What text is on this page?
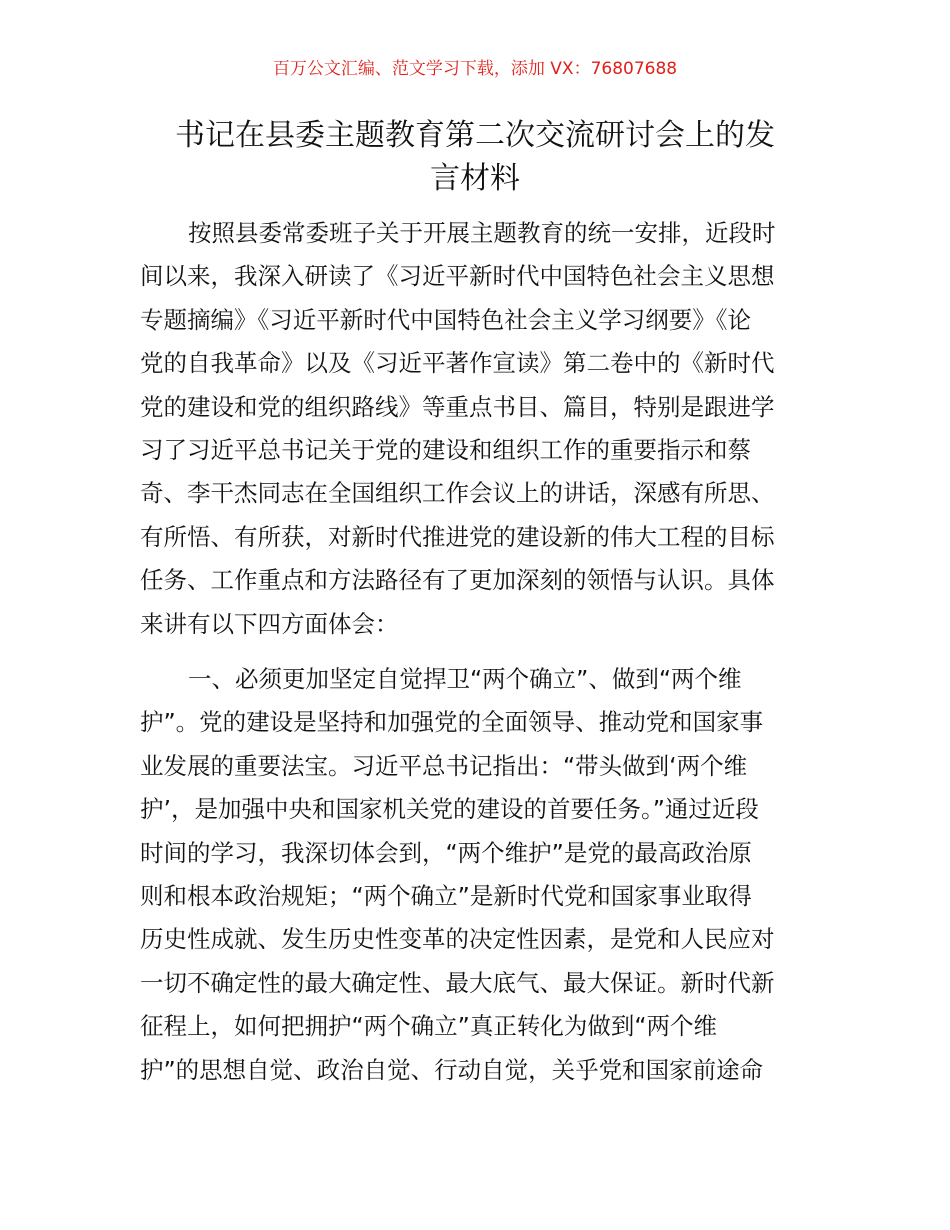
百万公文汇编、范文学习下载，添加 VX：76807688
书记在县委主题教育第二次交流研讨会上的发
言材料
按照县委常委班子关于开展主题教育的统一安排，近段时
间以来，我深入研读了《习近平新时代中国特色社会主义思想
专题摘编》《习近平新时代中国特色社会主义学习纲要》《论
党的自我革命》以及《习近平著作宣读》第二卷中的《新时代
党的建设和党的组织路线》等重点书目、篇目，特别是跟进学
习了习近平总书记关于党的建设和组织工作的重要指示和蔡
奇、李干杰同志在全国组织工作会议上的讲话，深感有所思、
有所悟、有所获，对新时代推进党的建设新的伟大工程的目标
任务、工作重点和方法路径有了更加深刻的领悟与认识。具体
来讲有以下四方面体会：
一、必须更加坚定自觉捍卫“两个确立”、做到“两个维
护”。党的建设是坚持和加强党的全面领导、推动党和国家事
业发展的重要法宝。习近平总书记指出：“带头做到‘两个维
护’，是加强中央和国家机关党的建设的首要任务。”通过近段
时间的学习，我深切体会到，“两个维护”是党的最高政治原
则和根本政治规矩；“两个确立”是新时代党和国家事业取得
历史性成就、发生历史性变革的决定性因素，是党和人民应对
一切不确定性的最大确定性、最大底气、最大保证。新时代新
征程上，如何把拥护“两个确立”真正转化为做到“两个维
护”的思想自觉、政治自觉、行动自觉，关乎党和国家前途命
